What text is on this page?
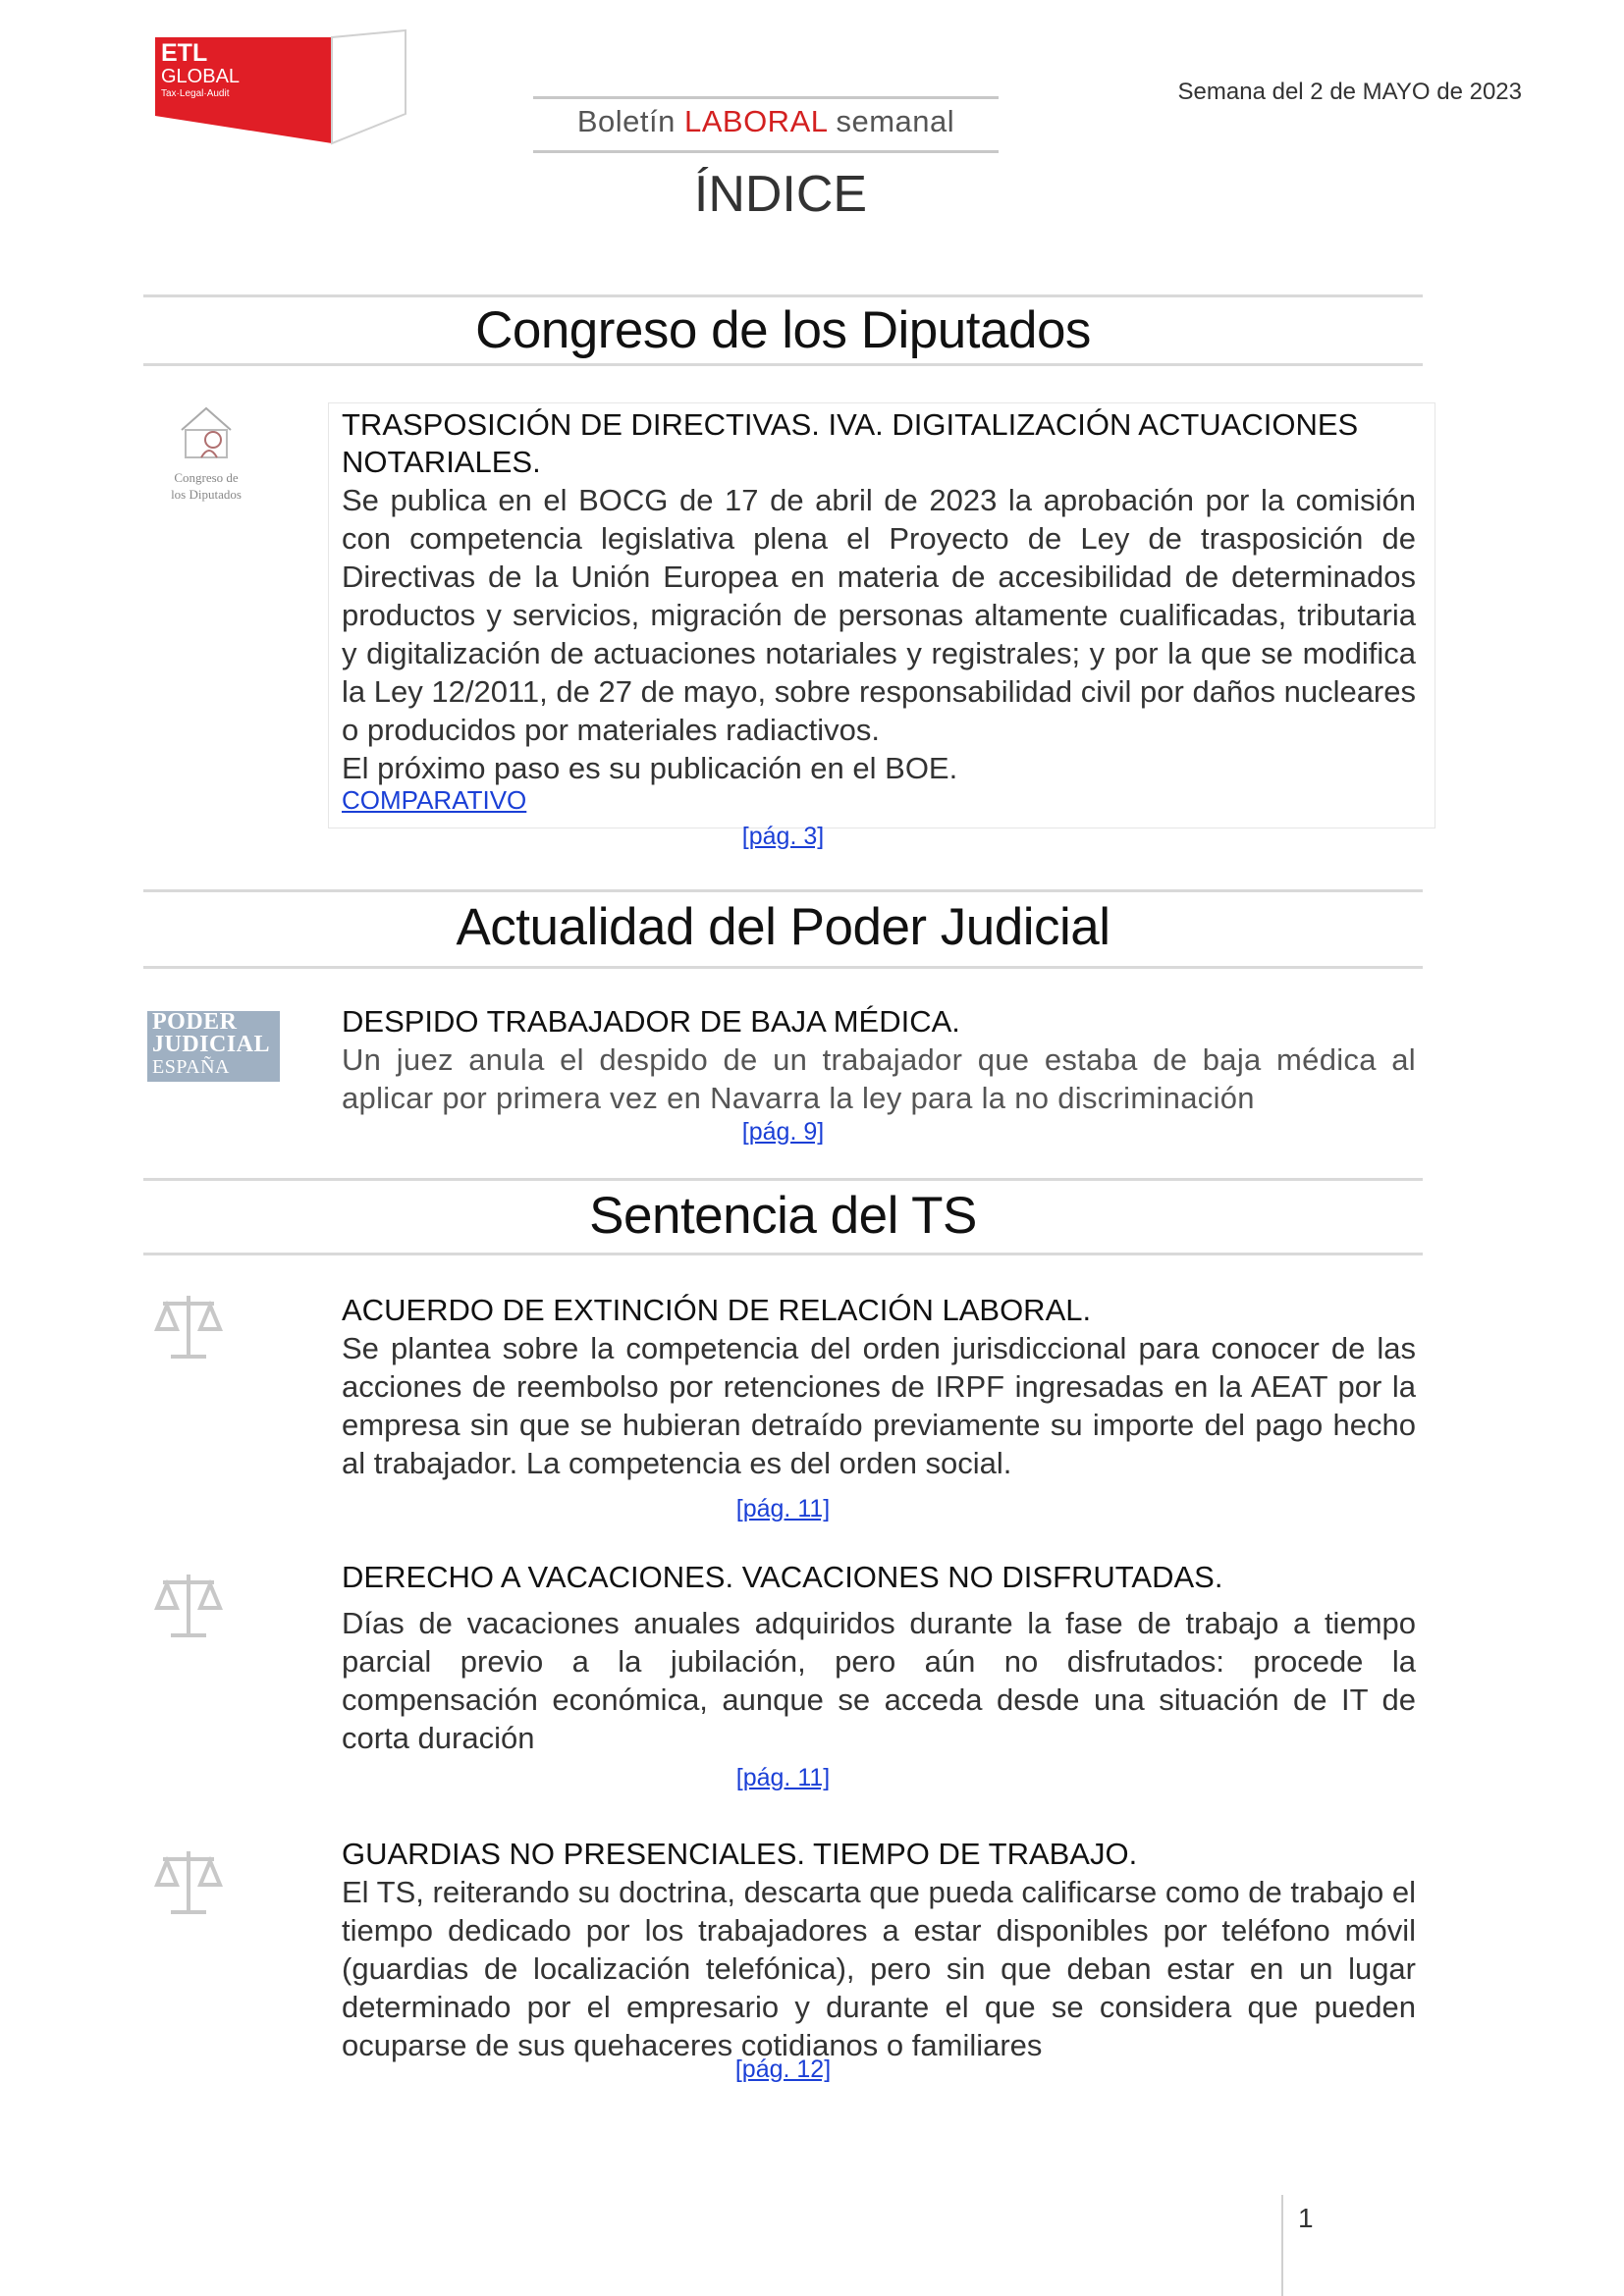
ETL
GLOBAL
Tax·Legal·Audit	Semana del 2 de MAYO de 2023
Boletín LABORAL semanal
ÍNDICE
Congreso de los Diputados
Congreso de
los Diputados
TRASPOSICIÓN DE DIRECTIVAS. IVA. DIGITALIZACIÓN ACTUACIONES NOTARIALES.
Se publica en el BOCG de 17 de abril de 2023 la aprobación por la comisión con competencia legislativa plena el Proyecto de Ley de trasposición de Directivas de la Unión Europea en materia de accesibilidad de determinados productos y servicios, migración de personas altamente cualificadas, tributaria y digitalización de actuaciones notariales y registrales; y por la que se modifica la Ley 12/2011, de 27 de mayo, sobre responsabilidad civil por daños nucleares o producidos por materiales radiactivos.
El próximo paso es su publicación en el BOE.
COMPARATIVO
[pág. 3]
Actualidad del Poder Judicial
PODER
JUDICIAL
ESPAÑA
DESPIDO TRABAJADOR DE BAJA MÉDICA.
Un juez anula el despido de un trabajador que estaba de baja médica al aplicar por primera vez en Navarra la ley para la no discriminación
[pág. 9]
Sentencia del TS
ACUERDO DE EXTINCIÓN DE RELACIÓN LABORAL.
Se plantea sobre la competencia del orden jurisdiccional para conocer de las acciones de reembolso por retenciones de IRPF ingresadas en la AEAT por la empresa sin que se hubieran detraído previamente su importe del pago hecho al trabajador. La competencia es del orden social.
[pág. 11]
DERECHO A VACACIONES. VACACIONES NO DISFRUTADAS.
Días de vacaciones anuales adquiridos durante la fase de trabajo a tiempo parcial previo a la jubilación, pero aún no disfrutados: procede la compensación económica, aunque se acceda desde una situación de IT de corta duración
[pág. 11]
GUARDIAS NO PRESENCIALES. TIEMPO DE TRABAJO.
El TS, reiterando su doctrina, descarta que pueda calificarse como de trabajo el tiempo dedicado por los trabajadores a estar disponibles por teléfono móvil (guardias de localización telefónica), pero sin que deban estar en un lugar determinado por el empresario y durante el que se considera que pueden ocuparse de sus quehaceres cotidianos o familiares
[pág. 12]
1
